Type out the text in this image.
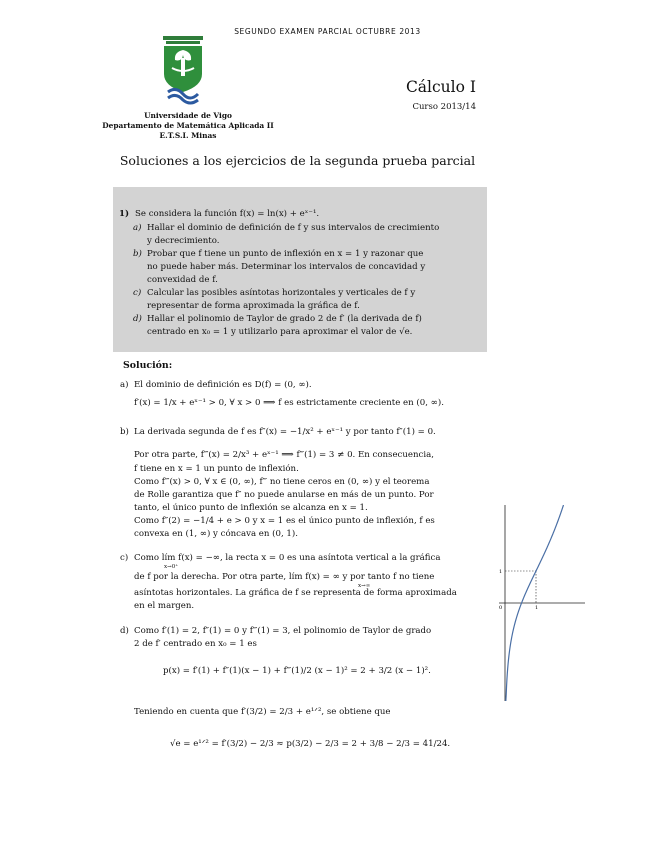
SEGUNDO EXAMEN PARCIAL OCTUBRE 2013
Universidade de Vigo
Departamento de Matemática Aplicada II
E.T.S.I. Minas
Cálculo I
Curso 2013/14
Soluciones a los ejercicios de la segunda prueba parcial
1) Se considera la función f(x) = ln(x) + eˣ⁻¹.
a) Hallar el dominio de definición de f y sus intervalos de crecimiento
y decrecimiento.
b) Probar que f tiene un punto de inflexión en x = 1 y razonar que
no puede haber más. Determinar los intervalos de concavidad y
convexidad de f.
c) Calcular las posibles asíntotas horizontales y verticales de f y
representar de forma aproximada la gráfica de f.
d) Hallar el polinomio de Taylor de grado 2 de f′ (la derivada de f)
centrado en x₀ = 1 y utilizarlo para aproximar el valor de √e.
Solución:
a) El dominio de definición es D(f) = (0, ∞).
f′(x) = 1/x + eˣ⁻¹ > 0, ∀ x > 0 ⟹ f es estrictamente creciente en (0, ∞).
b) La derivada segunda de f es f″(x) = −1/x² + eˣ⁻¹ y por tanto f″(1) = 0.
Por otra parte, f‴(x) = 2/x³ + eˣ⁻¹ ⟹ f‴(1) = 3 ≠ 0. En consecuencia,
f tiene en x = 1 un punto de inflexión.
Como f‴(x) > 0, ∀ x ∈ (0, ∞), f‴ no tiene ceros en (0, ∞) y el teorema
de Rolle garantiza que f″ no puede anularse en más de un punto. Por
tanto, el único punto de inflexión se alcanza en x = 1.
Como f″(2) = −1/4 + e > 0 y x = 1 es el único punto de inflexión, f es
convexa en (1, ∞) y cóncava en (0, 1).
c) Como lím f(x) = −∞, la recta x = 0 es una asíntota vertical a la gráfica
x→0⁺
de f por la derecha. Por otra parte, lím f(x) = ∞ y por tanto f no tiene
x→∞
asíntotas horizontales. La gráfica de f se representa de forma aproximada
en el margen.
d) Como f′(1) = 2, f″(1) = 0 y f‴(1) = 3, el polinomio de Taylor de grado
2 de f′ centrado en x₀ = 1 es
p(x) = f′(1) + f″(1)(x − 1) + f‴(1)/2 (x − 1)² = 2 + 3/2 (x − 1)².
Teniendo en cuenta que f′(3/2) = 2/3 + e¹ᐟ², se obtiene que
√e = e¹ᐟ² = f′(3/2) − 2/3 ≈ p(3/2) − 2/3 = 2 + 3/8 − 2/3 = 41/24.
1
1
0
